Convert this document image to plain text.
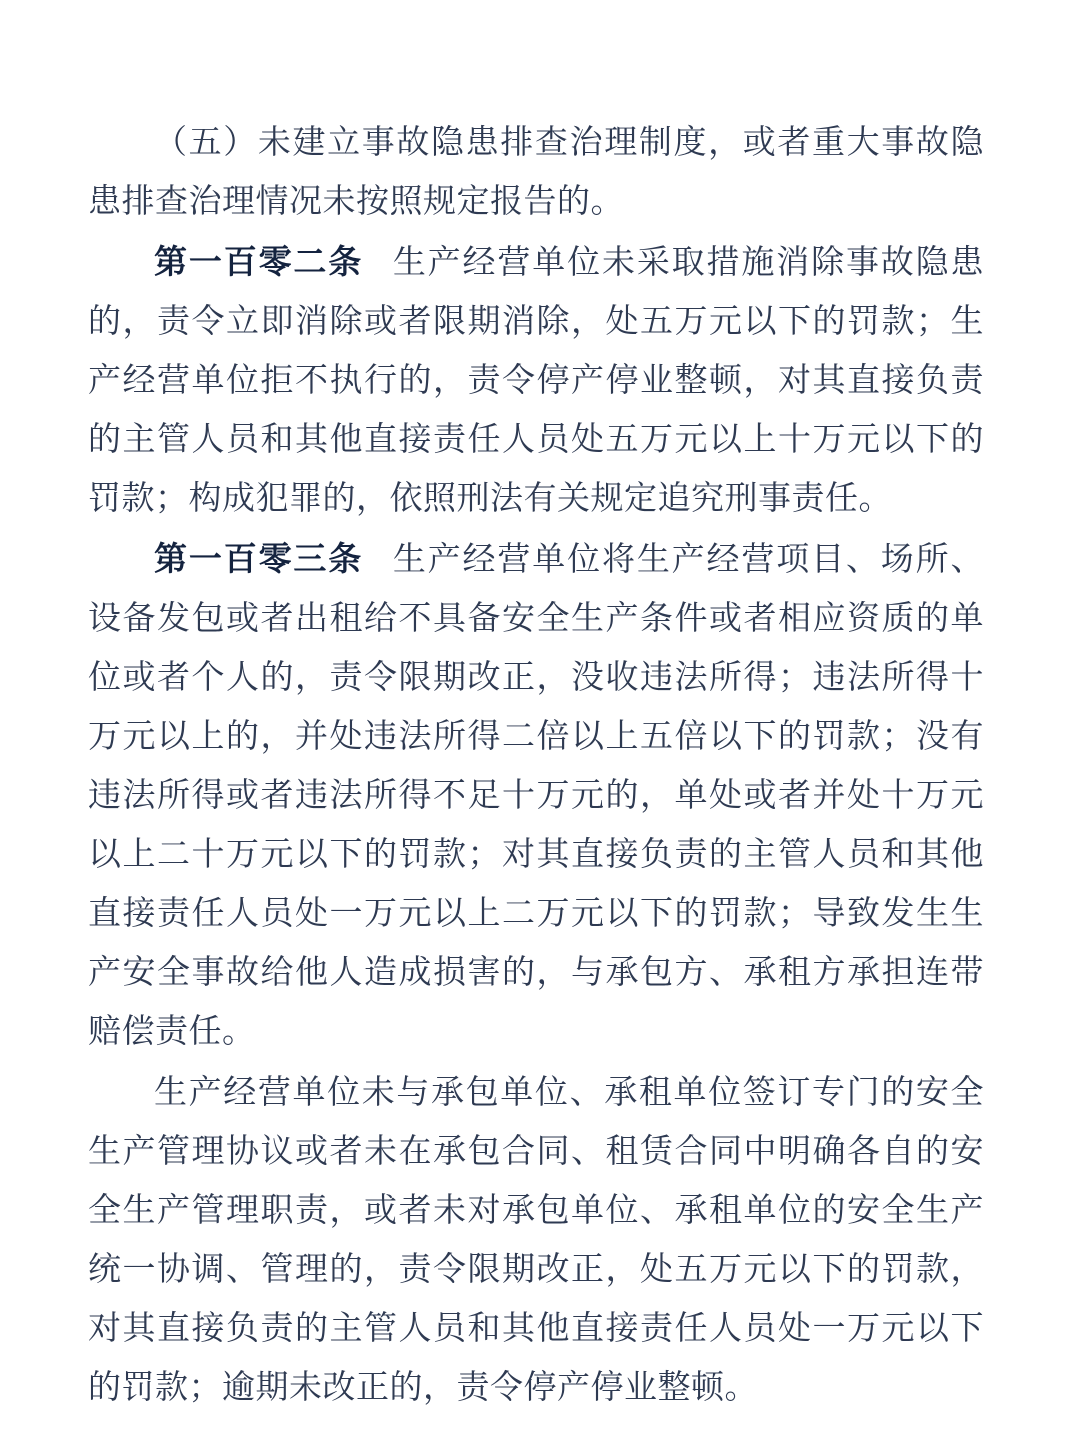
（五）未建立事故隐患排查治理制度，或者重大事故隐患排查治理情况未按照规定报告的。

第一百零二条 生产经营单位未采取措施消除事故隐患的，责令立即消除或者限期消除，处五万元以下的罚款；生产经营单位拒不执行的，责令停产停业整顿，对其直接负责的主管人员和其他直接责任人员处五万元以上十万元以下的罚款；构成犯罪的，依照刑法有关规定追究刑事责任。

第一百零三条 生产经营单位将生产经营项目、场所、设备发包或者出租给不具备安全生产条件或者相应资质的单位或者个人的，责令限期改正，没收违法所得；违法所得十万元以上的，并处违法所得二倍以上五倍以下的罚款；没有违法所得或者违法所得不足十万元的，单处或者并处十万元以上二十万元以下的罚款；对其直接负责的主管人员和其他直接责任人员处一万元以上二万元以下的罚款；导致发生生产安全事故给他人造成损害的，与承包方、承租方承担连带赔偿责任。

生产经营单位未与承包单位、承租单位签订专门的安全生产管理协议或者未在承包合同、租赁合同中明确各自的安全生产管理职责，或者未对承包单位、承租单位的安全生产统一协调、管理的，责令限期改正，处五万元以下的罚款，对其直接负责的主管人员和其他直接责任人员处一万元以下的罚款；逾期未改正的，责令停产停业整顿。
